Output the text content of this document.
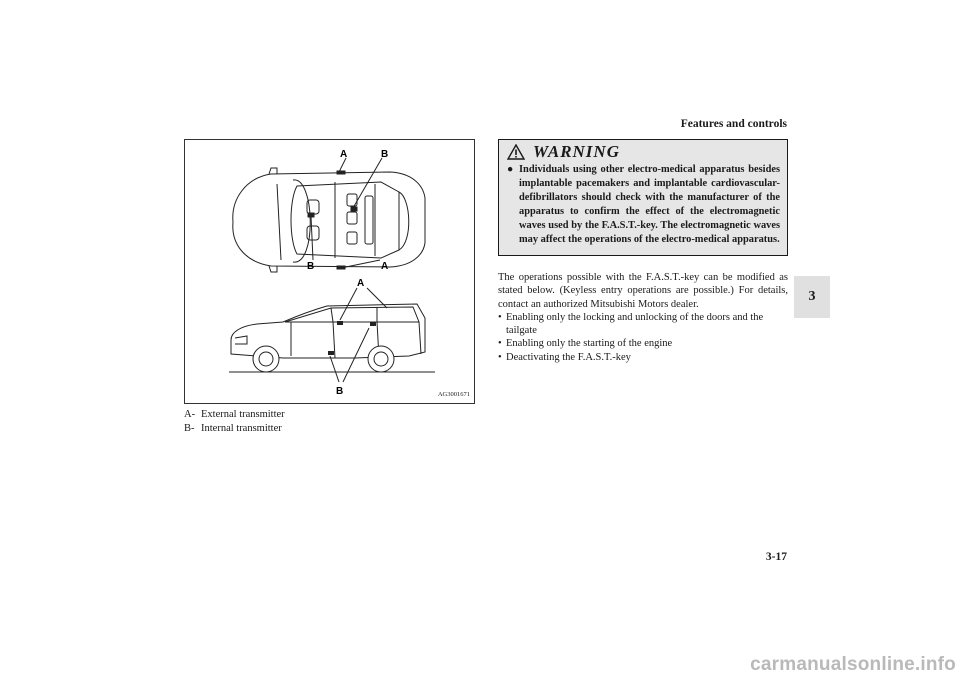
Features and controls
3
A	B
B	A
A
B	AG3001671
A- External transmitter
B- Internal transmitter
WARNING
● Individuals using other electro-medical apparatus besides implantable pacemakers and implantable cardiovascular-defibrillators should check with the manufacturer of the apparatus to confirm the effect of the electromagnetic waves used by the F.A.S.T.-key. The electromagnetic waves may affect the operations of the electro-medical apparatus.

The operations possible with the F.A.S.T.-key can be modified as stated below. (Keyless entry operations are possible.) For details, contact an authorized Mitsubishi Motors dealer.

• Enabling only the locking and unlocking of the doors and the tailgate
• Enabling only the starting of the engine
• Deactivating the F.A.S.T.-key
3-17
carmanualsonline.info
